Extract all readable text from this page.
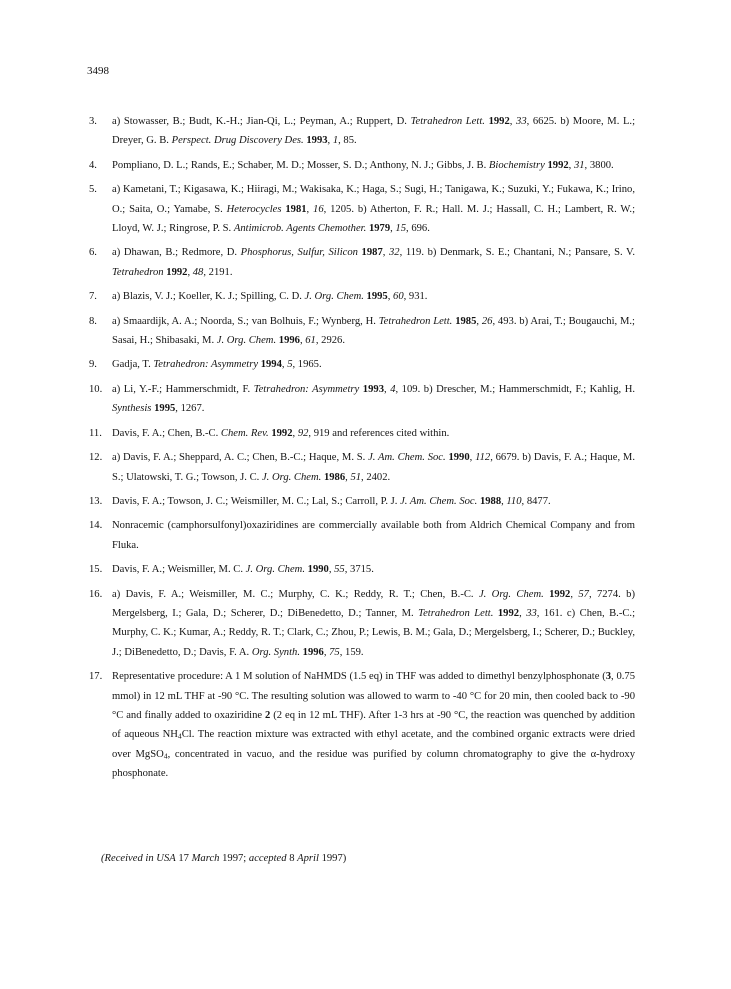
3498
3.	a) Stowasser, B.; Budt, K.-H.; Jian-Qi, L.; Peyman, A.; Ruppert, D. Tetrahedron Lett. 1992, 33, 6625. b) Moore, M. L.; Dreyer, G. B. Perspect. Drug Discovery Des. 1993, 1, 85.
4.	Pompliano, D. L.; Rands, E.; Schaber, M. D.; Mosser, S. D.; Anthony, N. J.; Gibbs, J. B. Biochemistry 1992, 31, 3800.
5.	a) Kametani, T.; Kigasawa, K.; Hiiragi, M.; Wakisaka, K.; Haga, S.; Sugi, H.; Tanigawa, K.; Suzuki, Y.; Fukawa, K.; Irino, O.; Saita, O.; Yamabe, S. Heterocycles 1981, 16, 1205. b) Atherton, F. R.; Hall. M. J.; Hassall, C. H.; Lambert, R. W.; Lloyd, W. J.; Ringrose, P. S. Antimicrob. Agents Chemother. 1979, 15, 696.
6.	a) Dhawan, B.; Redmore, D. Phosphorus, Sulfur, Silicon 1987, 32, 119. b) Denmark, S. E.; Chantani, N.; Pansare, S. V. Tetrahedron 1992, 48, 2191.
7.	a) Blazis, V. J.; Koeller, K. J.; Spilling, C. D. J. Org. Chem. 1995, 60, 931.
8.	a) Smaardijk, A. A.; Noorda, S.; van Bolhuis, F.; Wynberg, H. Tetrahedron Lett. 1985, 26, 493. b) Arai, T.; Bougauchi, M.; Sasai, H.; Shibasaki, M. J. Org. Chem. 1996, 61, 2926.
9.	Gadja, T. Tetrahedron: Asymmetry 1994, 5, 1965.
10. a) Li, Y.-F.; Hammerschmidt, F. Tetrahedron: Asymmetry 1993, 4, 109. b) Drescher, M.; Hammerschmidt, F.; Kahlig, H. Synthesis 1995, 1267.
11. Davis, F. A.; Chen, B.-C. Chem. Rev. 1992, 92, 919 and references cited within.
12. a) Davis, F. A.; Sheppard, A. C.; Chen, B.-C.; Haque, M. S. J. Am. Chem. Soc. 1990, 112, 6679. b) Davis, F. A.; Haque, M. S.; Ulatowski, T. G.; Towson, J. C. J. Org. Chem. 1986, 51, 2402.
13. Davis, F. A.; Towson, J. C.; Weismiller, M. C.; Lal, S.; Carroll, P. J. J. Am. Chem. Soc. 1988, 110, 8477.
14. Nonracemic (camphorsulfonyl)oxaziridines are commercially available both from Aldrich Chemical Company and from Fluka.
15. Davis, F. A.; Weismiller, M. C. J. Org. Chem. 1990, 55, 3715.
16. a) Davis, F. A.; Weismiller, M. C.; Murphy, C. K.; Reddy, R. T.; Chen, B.-C. J. Org. Chem. 1992, 57, 7274. b) Mergelsberg, I.; Gala, D.; Scherer, D.; DiBenedetto, D.; Tanner, M. Tetrahedron Lett. 1992, 33, 161. c) Chen, B.-C.; Murphy, C. K.; Kumar, A.; Reddy, R. T.; Clark, C.; Zhou, P.; Lewis, B. M.; Gala, D.; Mergelsberg, I.; Scherer, D.; Buckley, J.; DiBenedetto, D.; Davis, F. A. Org. Synth. 1996, 75, 159.
17. Representative procedure: A 1 M solution of NaHMDS (1.5 eq) in THF was added to dimethyl benzylphosphonate (3, 0.75 mmol) in 12 mL THF at -90 °C. The resulting solution was allowed to warm to -40 °C for 20 min, then cooled back to -90 °C and finally added to oxaziridine 2 (2 eq in 12 mL THF). After 1-3 hrs at -90 °C, the reaction was quenched by addition of aqueous $NH_4Cl$. The reaction mixture was extracted with ethyl acetate, and the combined organic extracts were dried over MgSO$_4$, concentrated in vacuo, and the residue was purified by column chromatography to give the α-hydroxy phosphonate.
(Received in USA 17 March 1997; accepted 8 April 1997)
